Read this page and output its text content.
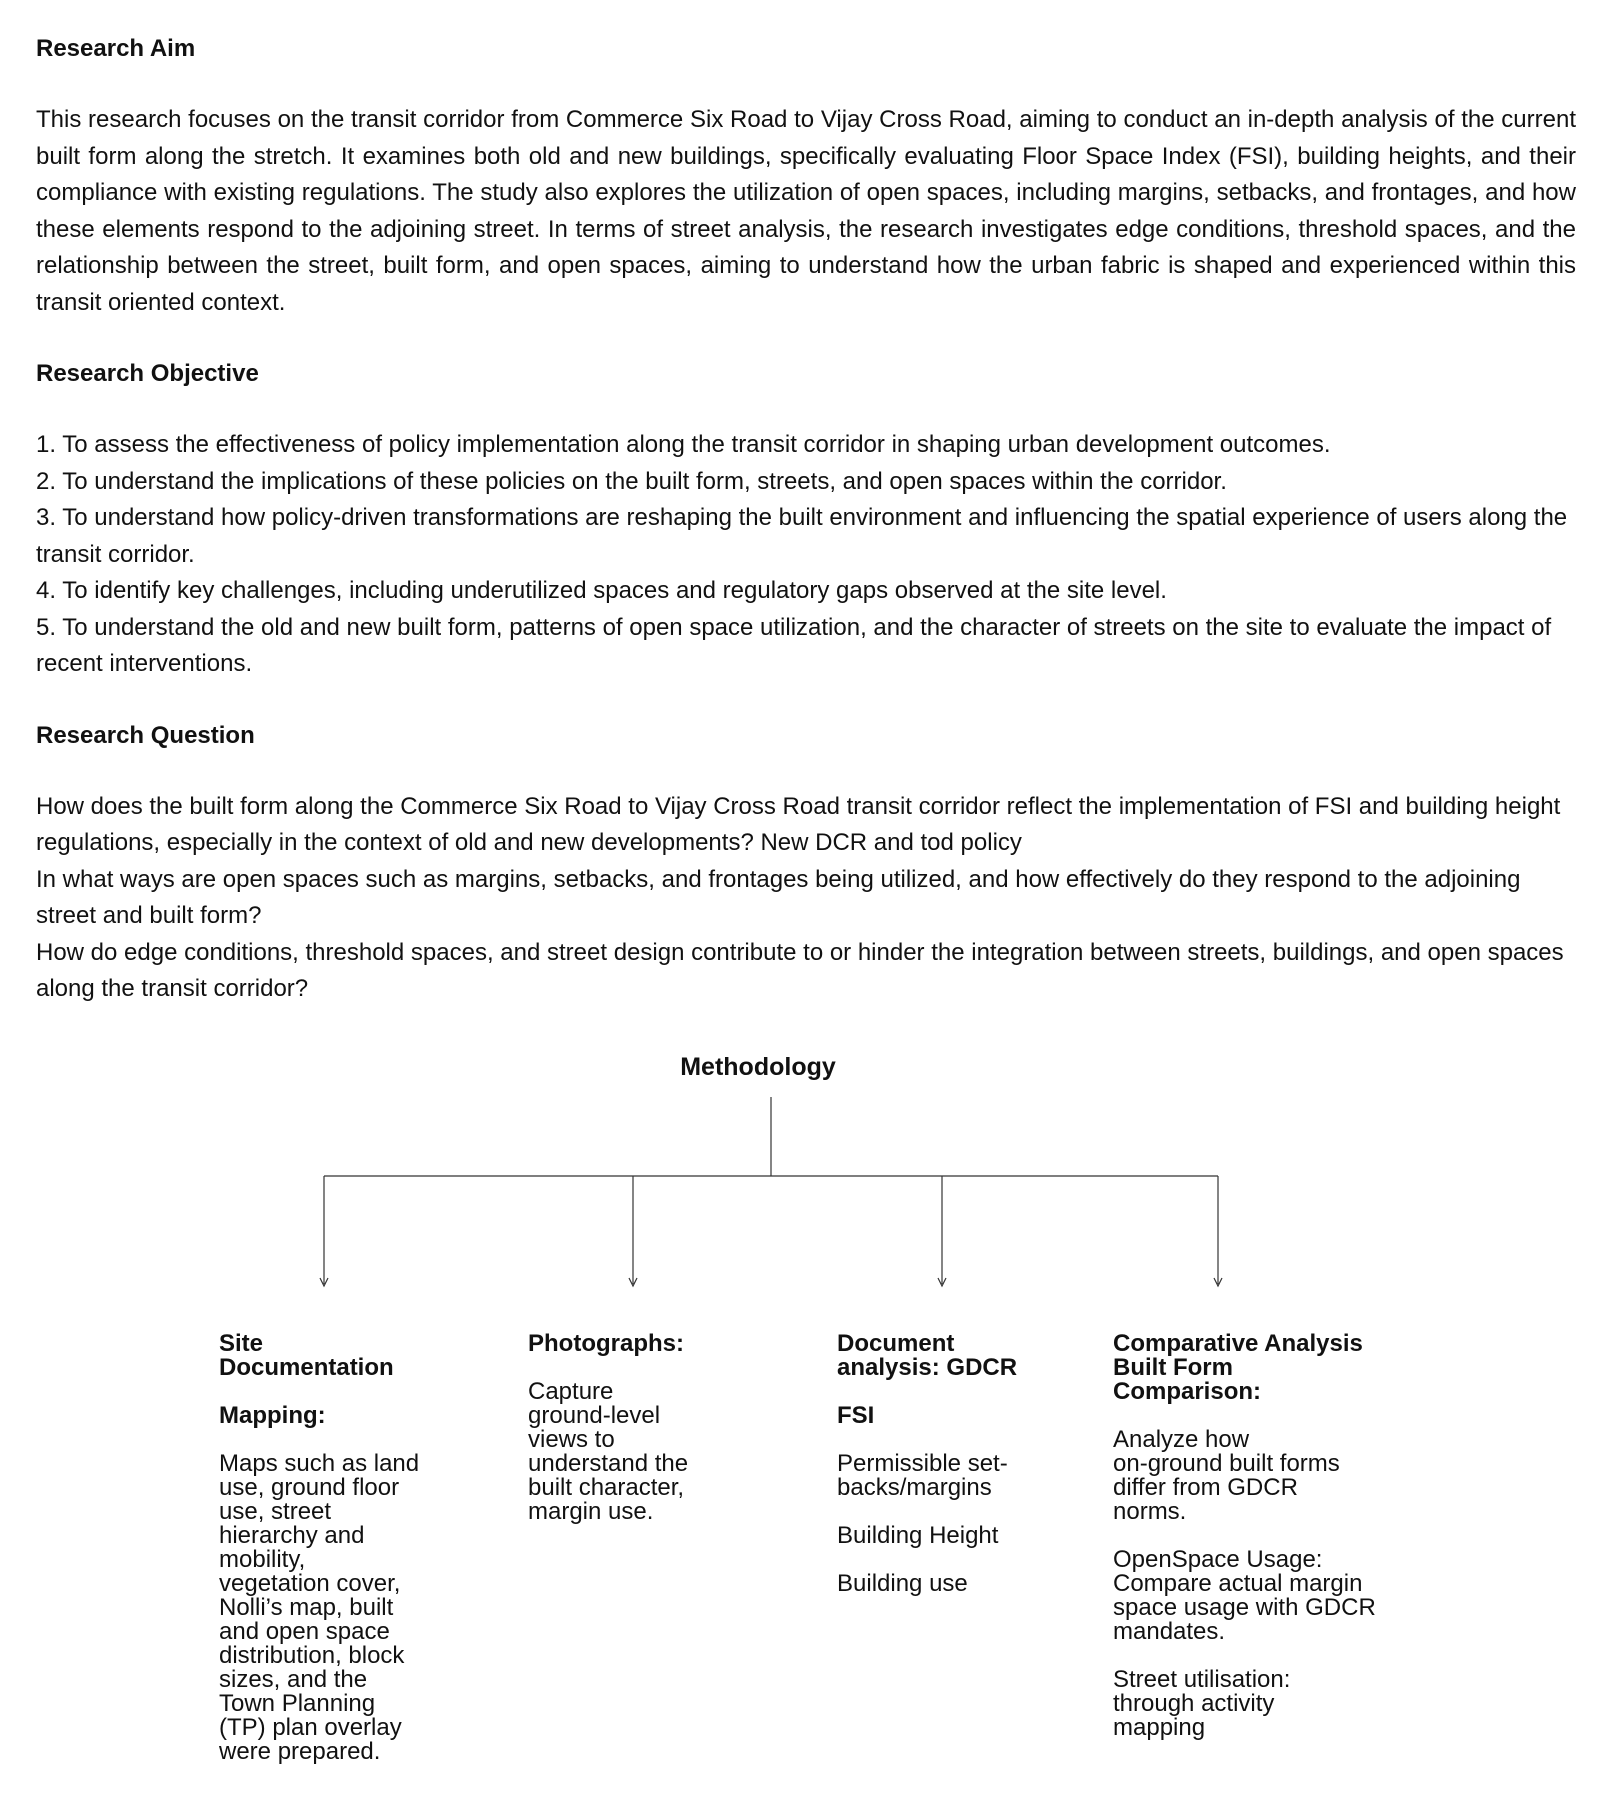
Research Aim

This research focuses on the transit corridor from Commerce Six Road to Vijay Cross Road, aiming to conduct an in-depth analysis of the current built form along the stretch. It examines both old and new buildings, specifically evaluating Floor Space Index (FSI), building heights, and their compliance with existing regulations. The study also explores the utilization of open spaces, including margins, setbacks, and frontages, and how these elements respond to the adjoining street. In terms of street analysis, the research investigates edge conditions, threshold spaces, and the relationship between the street, built form, and open spaces, aiming to understand how the urban fabric is shaped and experienced within this transit oriented context.

Research Objective

1. To assess the effectiveness of policy implementation along the transit corridor in shaping urban development outcomes.

2. To understand the implications of these policies on the built form, streets, and open spaces within the corridor.

3. To understand how policy-driven transformations are reshaping the built environment and influencing the spatial experience of users along the transit corridor.

4. To identify key challenges, including underutilized spaces and regulatory gaps observed at the site level.

5. To understand the old and new built form, patterns of open space utilization, and the character of streets on the site to evaluate the impact of recent interventions.

Research Question

How does the built form along the Commerce Six Road to Vijay Cross Road transit corridor reflect the implementation of FSI and building height regulations, especially in the context of old and new developments? New DCR and tod policy

In what ways are open spaces such as margins, setbacks, and frontages being utilized, and how effectively do they respond to the adjoining street and built form?

How do edge conditions, threshold spaces, and street design contribute to or hinder the integration between streets, buildings, and open spaces along the transit corridor?

Methodology
Site
Documentation
Mapping:
Maps such as land
use, ground floor
use, street
hierarchy and
mobility,
vegetation cover,
Nolli’s map, built
and open space
distribution, block
sizes, and the
Town Planning
(TP) plan overlay
were prepared.
Photographs:
Capture
ground-level
views to
understand the
built character,
margin use.
Document
analysis: GDCR
FSI
Permissible set-
backs/margins
Building Height
Building use
Comparative Analysis
Built Form
Comparison:
Analyze how
on-ground built forms
differ from GDCR
norms.
OpenSpace Usage:
Compare actual margin
space usage with GDCR
mandates.
Street utilisation:
through activity
mapping
